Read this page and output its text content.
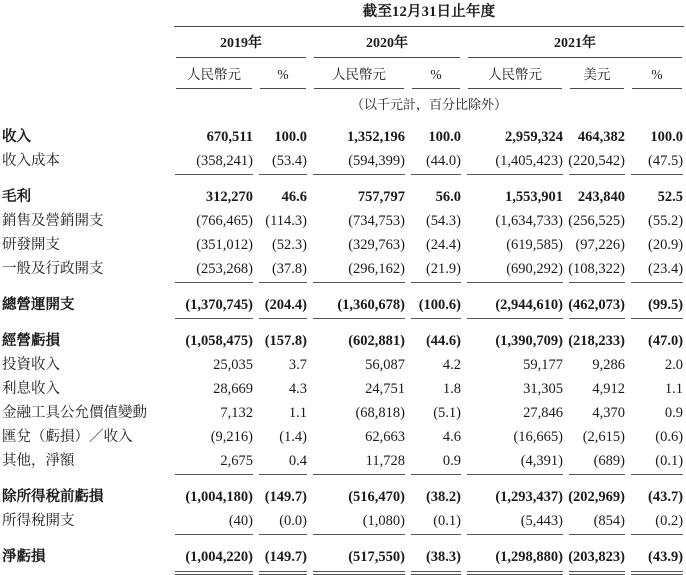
	截至12月31日止年度						

	2019年		2020年		2021年		

	人民幣元	%	人民幣元	%	人民幣元	美元	%

	（以千元計，百分比除外）						
收入	670,511	100.0	1,352,196	100.0	2,959,324	464,382	100.0
收入成本	(358,241)	(53.4)	(594,399)	(44.0)	(1,405,423)	(220,542)	(47.5)

毛利	312,270	46.6	757,797	56.0	1,553,901	243,840	52.5
銷售及營銷開支	(766,465)	(114.3)	(734,753)	(54.3)	(1,634,733)	(256,525)	(55.2)
研發開支	(351,012)	(52.3)	(329,763)	(24.4)	(619,585)	(97,226)	(20.9)
一般及行政開支	(253,268)	(37.8)	(296,162)	(21.9)	(690,292)	(108,322)	(23.4)

總營運開支	(1,370,745)	(204.4)	(1,360,678)	(100.6)	(2,944,610)	(462,073)	(99.5)

經營虧損	(1,058,475)	(157.8)	(602,881)	(44.6)	(1,390,709)	(218,233)	(47.0)
投資收入	25,035	3.7	56,087	4.2	59,177	9,286	2.0
利息收入	28,669	4.3	24,751	1.8	31,305	4,912	1.1
金融工具公允價值變動	7,132	1.1	(68,818)	(5.1)	27,846	4,370	0.9
匯兌（虧損）／收入	(9,216)	(1.4)	62,663	4.6	(16,665)	(2,615)	(0.6)
其他，淨額	2,675	0.4	11,728	0.9	(4,391)	(689)	(0.1)

除所得稅前虧損	(1,004,180)	(149.7)	(516,470)	(38.2)	(1,293,437)	(202,969)	(43.7)
所得稅開支	(40)	(0.0)	(1,080)	(0.1)	(5,443)	(854)	(0.2)

淨虧損	(1,004,220)	(149.7)	(517,550)	(38.3)	(1,298,880)	(203,823)	(43.9)
